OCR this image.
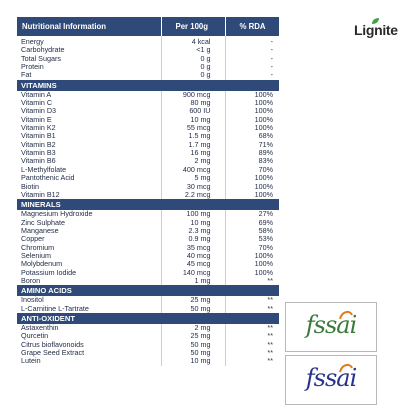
Lignite
Nutritional Information	Per 100g	% RDA
Energy	4 kcal	-
Carbohydrate	<1 g	-
Total Sugars	0 g	-
Protein	0 g	-
Fat	0 g	-
VITAMINS		
Vitamin A	900 mcg	100%
Vitamin C	80 mg	100%
Vitamin D3	600 IU	100%
Vitamin E	10 mg	100%
Vitamin K2	55 mcg	100%
Vitamin B1	1.5 mg	68%
Vitamin B2	1.7 mg	71%
Vitamin B3	16 mg	89%
Vitamin B6	2 mg	83%
L-Methylfolate	400 mcg	70%
Pantothenic Acid	5 mg	100%
Biotin	30 mcg	100%
Vitamin B12	2.2 mcg	100%
MINERALS		
Magnesium Hydroxide	100 mg	27%
Zinc Sulphate	10 mg	69%
Manganese	2.3 mg	58%
Copper	0.9 mg	53%
Chromium	35 mcg	70%
Selenium	40 mcg	100%
Molybdenum	45 mcg	100%
Potassium Iodide	140 mcg	100%
Boron	1 mg	**
AMINO ACIDS		
Inositol	25 mg	**
L-Carnitine L-Tartrate	50 mg	**
ANTI-OXIDENT		
Astaxenthin	2 mg	**
Qurcetin	25 mg	**
Citrus bioflavonoids	50 mg	**
Grape Seed Extract	50 mg	**
Lutein	10 mg	**
fssai
fssai
